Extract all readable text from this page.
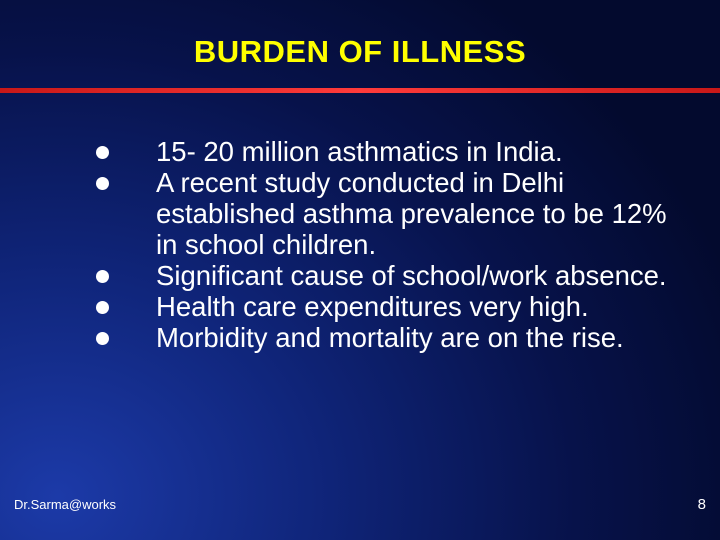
BURDEN OF ILLNESS
15- 20 million asthmatics in India.
A recent study conducted in Delhi established asthma prevalence to be 12% in school children.
Significant cause of school/work absence.
Health care expenditures very high.
Morbidity and mortality are on the rise.
Dr.Sarma@works	8
